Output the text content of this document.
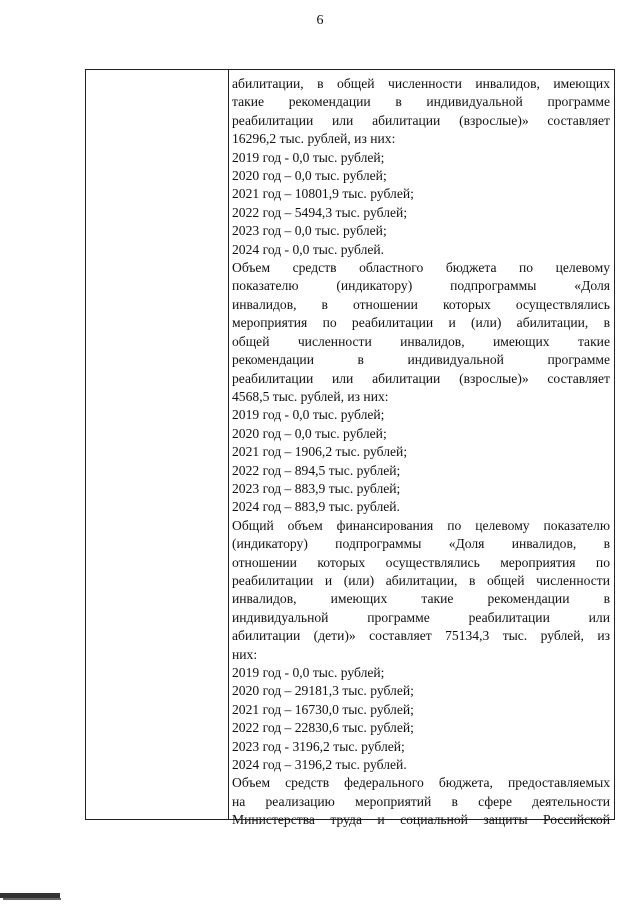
6
абилитации, в общей численности инвалидов, имеющих
такие рекомендации в индивидуальной программе
реабилитации или абилитации (взрослые)» составляет
16296,2 тыс. рублей, из них:
2019 год - 0,0 тыс. рублей;
2020 год – 0,0 тыс. рублей;
2021 год – 10801,9 тыс. рублей;
2022 год – 5494,3 тыс. рублей;
2023 год – 0,0 тыс. рублей;
2024 год - 0,0 тыс. рублей.
Объем средств областного бюджета по целевому
показателю (индикатору) подпрограммы «Доля
инвалидов, в отношении которых осуществлялись
мероприятия по реабилитации и (или) абилитации, в
общей численности инвалидов, имеющих такие
рекомендации в индивидуальной программе
реабилитации или абилитации (взрослые)» составляет
4568,5 тыс. рублей, из них:
2019 год - 0,0 тыс. рублей;
2020 год – 0,0 тыс. рублей;
2021 год – 1906,2 тыс. рублей;
2022 год – 894,5 тыс. рублей;
2023 год – 883,9 тыс. рублей;
2024 год – 883,9 тыс. рублей.
Общий объем финансирования по целевому показателю
(индикатору) подпрограммы «Доля инвалидов, в
отношении которых осуществлялись мероприятия по
реабилитации и (или) абилитации, в общей численности
инвалидов, имеющих такие рекомендации в
индивидуальной программе реабилитации или
абилитации (дети)» составляет 75134,3 тыс. рублей, из
них:
2019 год - 0,0 тыс. рублей;
2020 год – 29181,3 тыс. рублей;
2021 год – 16730,0 тыс. рублей;
2022 год – 22830,6 тыс. рублей;
2023 год - 3196,2 тыс. рублей;
2024 год – 3196,2 тыс. рублей.
Объем средств федерального бюджета, предоставляемых
на реализацию мероприятий в сфере деятельности
Министерства труда и социальной защиты Российской
